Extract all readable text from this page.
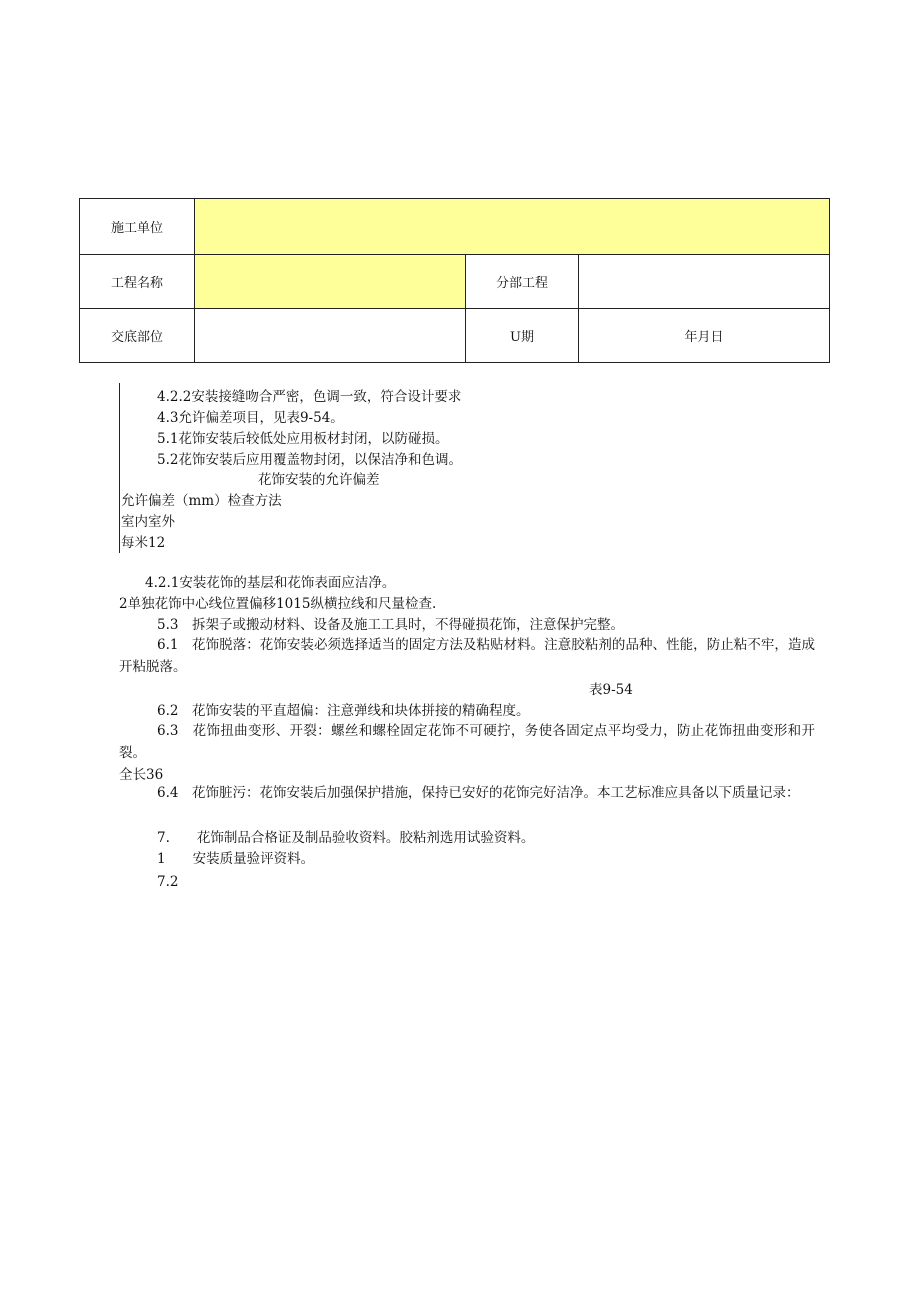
施工单位			
工程名称		分部工程	
交底部位		U期	年月日
4.2.2安装接缝吻合严密，色调一致，符合设计要求
4.3允许偏差项目，见表9-54。
5.1花饰安装后较低处应用板材封闭，以防碰损。
5.2花饰安装后应用覆盖物封闭，以保洁净和色调。
花饰安装的允许偏差
允许偏差（mm）检查方法
室内室外
每米12
4.2.1安装花饰的基层和花饰表面应洁净。
2单独花饰中心线位置偏移1015纵横拉线和尺量检查.
5.3　拆架子或搬动材料、设备及施工工具时，不得碰损花饰，注意保护完整。
6.1　花饰脱落：花饰安装必须选择适当的固定方法及粘贴材料。注意胶粘剂的品种、性能，防止粘不牢，造成开粘脱落。
表9-54
6.2　花饰安装的平直超偏：注意弹线和块体拼接的精确程度。
6.3　花饰扭曲变形、开裂：螺丝和螺栓固定花饰不可硬拧，务使各固定点平均受力，防止花饰扭曲变形和开裂。
全长36
6.4　花饰脏污：花饰安装后加强保护措施，保持已安好的花饰完好洁净。本工艺标准应具备以下质量记录：
7.　　花饰制品合格证及制品验收资料。胶粘剂选用试验资料。
1　　安装质量验评资料。
7.2
